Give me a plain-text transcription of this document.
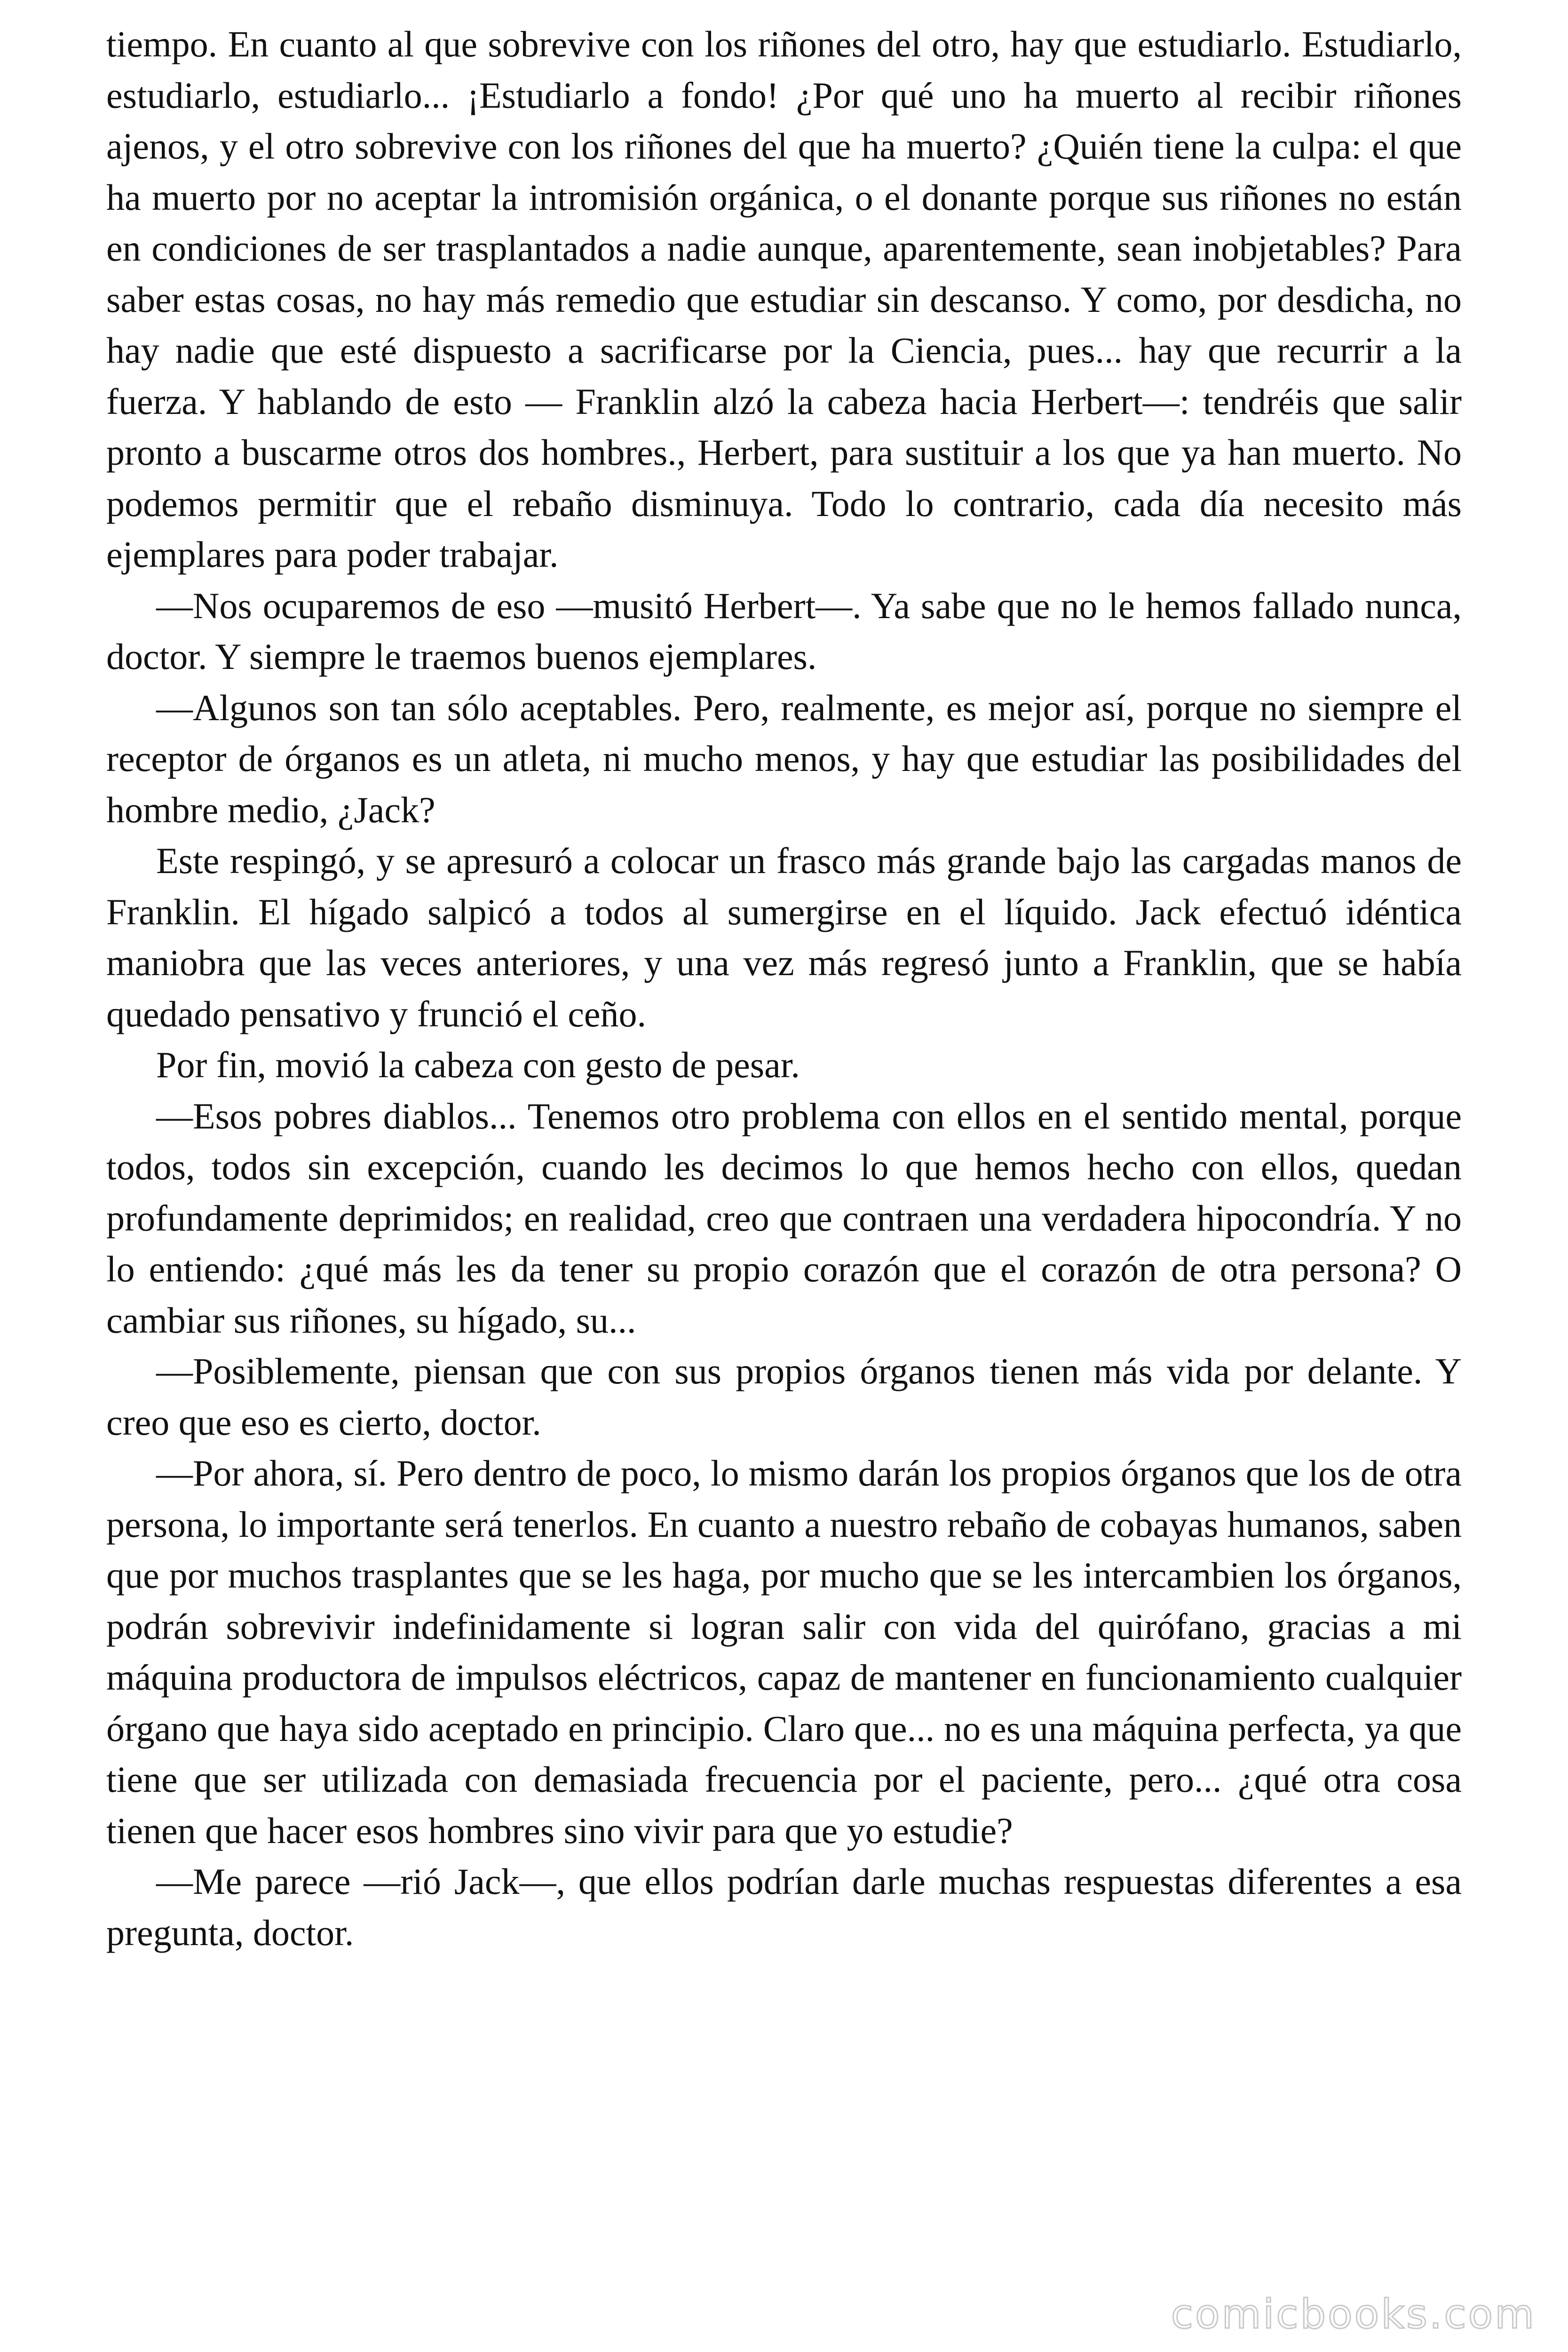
tiempo. En cuanto al que sobrevive con los riñones del otro, hay que estudiarlo. Estudiarlo, estudiarlo, estudiarlo... ¡Estudiarlo a fondo! ¿Por qué uno ha muerto al recibir riñones ajenos, y el otro sobrevive con los riñones del que ha muerto? ¿Quién tiene la culpa: el que ha muerto por no aceptar la intromisión orgánica, o el donante porque sus riñones no están en condiciones de ser trasplantados a nadie aunque, aparentemente, sean inobjetables? Para saber estas cosas, no hay más remedio que estudiar sin descanso. Y como, por desdicha, no hay nadie que esté dispuesto a sacrificarse por la Ciencia, pues... hay que recurrir a la fuerza. Y hablando de esto — Franklin alzó la cabeza hacia Herbert—: tendréis que salir pronto a buscarme otros dos hombres., Herbert, para sustituir a los que ya han muerto. No podemos permitir que el rebaño disminuya. Todo lo contrario, cada día necesito más ejemplares para poder trabajar.

—Nos ocuparemos de eso —musitó Herbert—. Ya sabe que no le hemos fallado nunca, doctor. Y siempre le traemos buenos ejemplares.

—Algunos son tan sólo aceptables. Pero, realmente, es mejor así, porque no siempre el receptor de órganos es un atleta, ni mucho menos, y hay que estudiar las posibilidades del hombre medio, ¿Jack?

Este respingó, y se apresuró a colocar un frasco más grande bajo las cargadas manos de Franklin. El hígado salpicó a todos al sumergirse en el líquido. Jack efectuó idéntica maniobra que las veces anteriores, y una vez más regresó junto a Franklin, que se había quedado pensativo y frunció el ceño.

Por fin, movió la cabeza con gesto de pesar.

—Esos pobres diablos... Tenemos otro problema con ellos en el sentido mental, porque todos, todos sin excepción, cuando les decimos lo que hemos hecho con ellos, quedan profundamente deprimidos; en realidad, creo que contraen una verdadera hipocondría. Y no lo entiendo: ¿qué más les da tener su propio corazón que el corazón de otra persona? O cambiar sus riñones, su hígado, su...

—Posiblemente, piensan que con sus propios órganos tienen más vida por delante. Y creo que eso es cierto, doctor.

—Por ahora, sí. Pero dentro de poco, lo mismo darán los propios órganos que los de otra persona, lo importante será tenerlos. En cuanto a nuestro rebaño de cobayas humanos, saben que por muchos trasplantes que se les haga, por mucho que se les intercambien los órganos, podrán sobrevivir indefinidamente si logran salir con vida del quirófano, gracias a mi máquina productora de impulsos eléctricos, capaz de mantener en funcionamiento cualquier órgano que haya sido aceptado en principio. Claro que... no es una máquina perfecta, ya que tiene que ser utilizada con demasiada frecuencia por el paciente, pero... ¿qué otra cosa tienen que hacer esos hombres sino vivir para que yo estudie?

—Me parece —rió Jack—, que ellos podrían darle muchas respuestas diferentes a esa pregunta, doctor.

comicbooks.com
